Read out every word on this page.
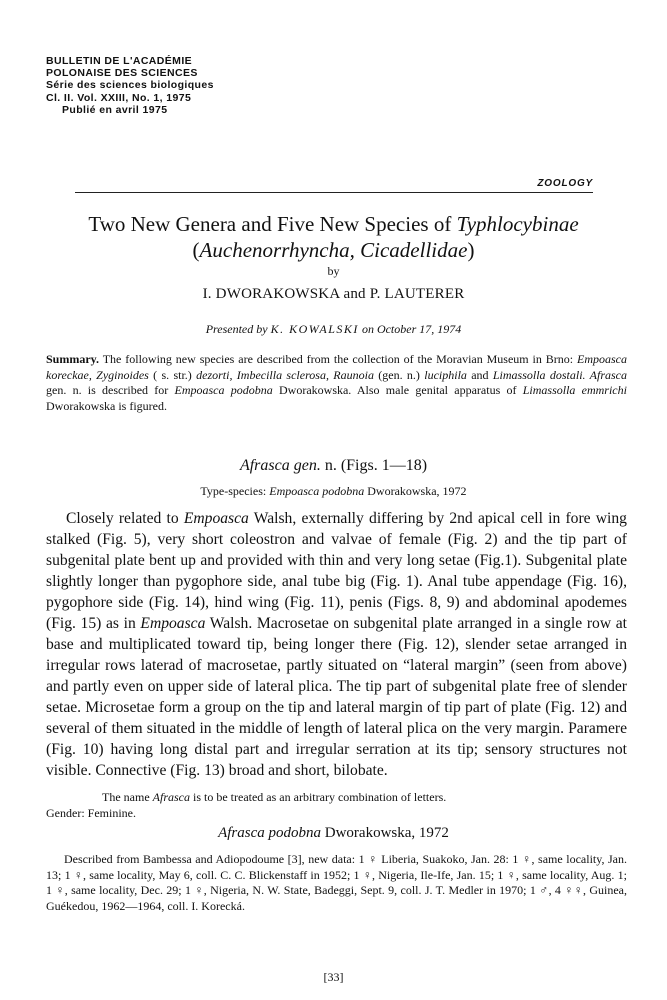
BULLETIN DE L'ACADÉMIE
POLONAISE DES SCIENCES
Série des sciences biologiques
Cl. II. Vol. XXIII, No. 1, 1975
Publié en avril 1975
ZOOLOGY
Two New Genera and Five New Species of Typhlocybinae (Auchenorrhyncha, Cicadellidae)
by
I. DWORAKOWSKA and P. LAUTERER
Presented by K. KOWALSKI on October 17, 1974
Summary. The following new species are described from the collection of the Moravian Museum in Brno: Empoasca koreckae, Zyginoides ( s. str.) dezorti, Imbecilla sclerosa, Raunoia (gen. n.) luciphila and Limassolla dostali. Afrasca gen. n. is described for Empoasca podobna Dworakowska. Also male genital apparatus of Limassolla emmrichi Dworakowska is figured.
Afrasca gen. n. (Figs. 1—18)
Type-species: Empoasca podobna Dworakowska, 1972

Closely related to Empoasca Walsh, externally differing by 2nd apical cell in fore wing stalked (Fig. 5), very short coleostron and valvae of female (Fig. 2) and the tip part of subgenital plate bent up and provided with thin and very long setae (Fig.1). Subgenital plate slightly longer than pygophore side, anal tube big (Fig. 1). Anal tube appendage (Fig. 16), pygophore side (Fig. 14), hind wing (Fig. 11), penis (Figs. 8, 9) and abdominal apodemes (Fig. 15) as in Empoasca Walsh. Macrosetae on subgenital plate arranged in a single row at base and multiplicated toward tip, being longer there (Fig. 12), slender setae arranged in irregular rows laterad of macrosetae, partly situated on “lateral margin” (seen from above) and partly even on upper side of lateral plica. The tip part of subgenital plate free of slender setae. Microsetae form a group on the tip and lateral margin of tip part of plate (Fig. 12) and several of them situated in the middle of length of lateral plica on the very margin. Paramere (Fig. 10) having long distal part and irregular serration at its tip; sensory structures not visible. Connective (Fig. 13) broad and short, bilobate.

The name Afrasca is to be treated as an arbitrary combination of letters.

Gender: Feminine.

Afrasca podobna Dworakowska, 1972

Described from Bambessa and Adiopodoume [3], new data: 1 ♀ Liberia, Suakoko, Jan. 28: 1 ♀, same locality, Jan. 13; 1 ♀, same locality, May 6, coll. C. C. Blickenstaff in 1952; 1 ♀, Nigeria, Ile-Ife, Jan. 15; 1 ♀, same locality, Aug. 1; 1 ♀, same locality, Dec. 29; 1 ♀, Nigeria, N. W. State, Badeggi, Sept. 9, coll. J. T. Medler in 1970; 1 ♂, 4 ♀♀, Guinea, Guékedou, 1962—1964, coll. I. Korecká.

[33]
